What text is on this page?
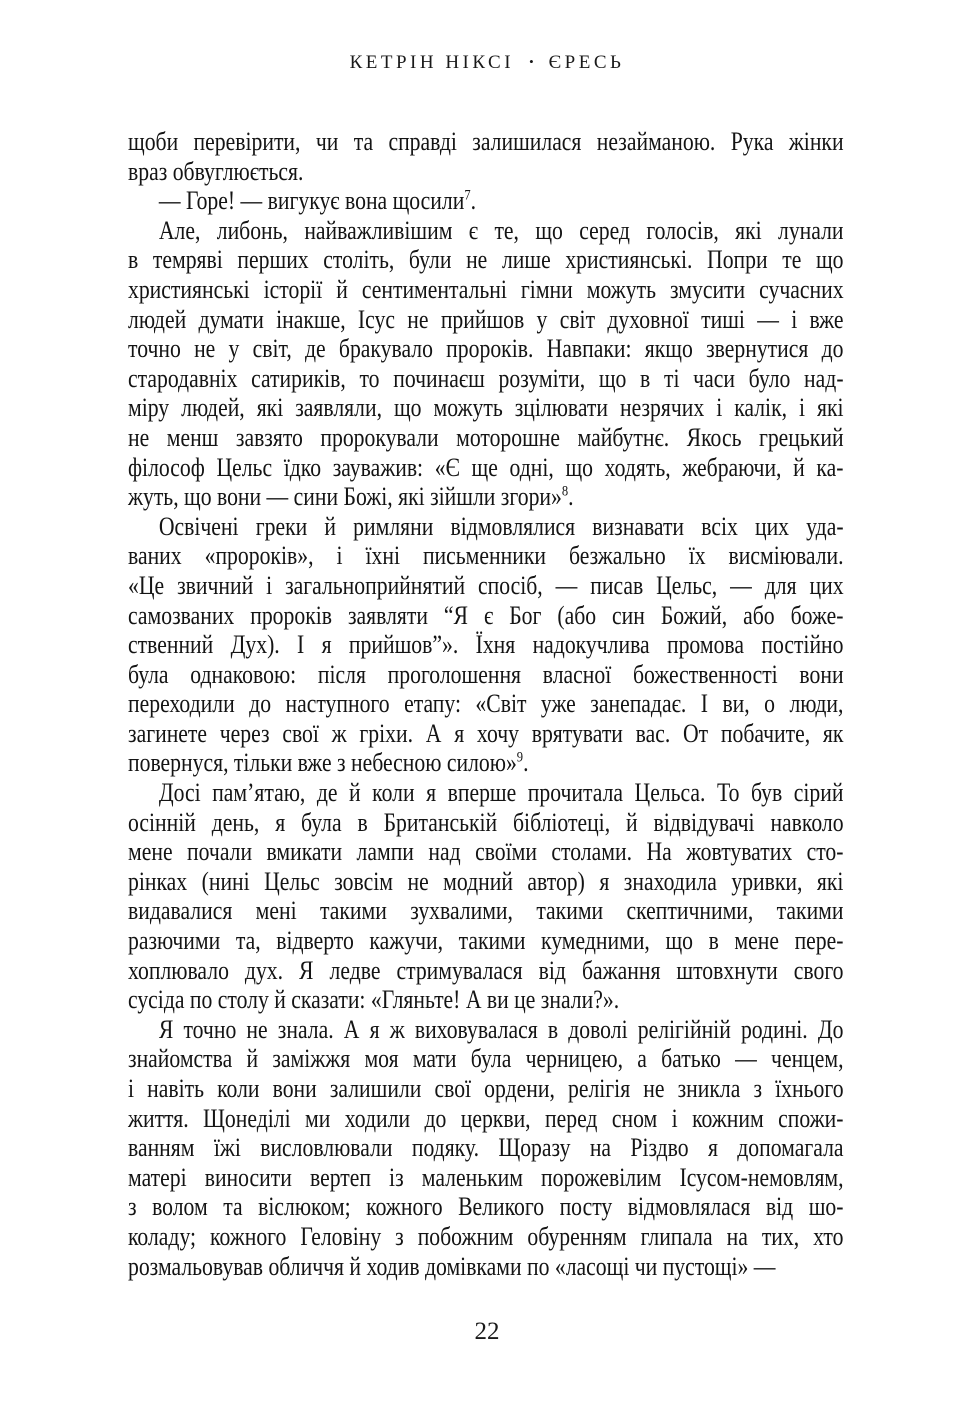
КЕТРІН НІКСІ • ЄРЕСЬ
щоби перевірити, чи та справді залишилася незайманою. Рука жінки
враз обвуглюється.
— Горе! — вигукує вона щосили$^7$.
Але, либонь, найважливішим є те, що серед голосів, які лунали
в темряві перших століть, були не лише християнські. Попри те що
християнські історії й сентиментальні гімни можуть змусити сучасних
людей думати інакше, Ісус не прийшов у світ духовної тиші — і вже
точно не у світ, де бракувало пророків. Навпаки: якщо звернутися до
стародавніх сатириків, то починаєш розуміти, що в ті часи було над-
міру людей, які заявляли, що можуть зцілювати незрячих і калік, і які
не менш завзято пророкували моторошне майбутнє. Якось грецький
філософ Цельс їдко зауважив: «Є ще одні, що ходять, жебраючи, й ка-
жуть, що вони — сини Божі, які зійшли згори»$^8$.
Освічені греки й римляни відмовлялися визнавати всіх цих уда-
ваних «пророків», і їхні письменники безжально їх висміювали.
«Це звичний і загальноприйнятий спосіб, — писав Цельс, — для цих
самозваних пророків заявляти “Я є Бог (або син Божий, або боже-
ственний Дух). І я прийшов”». Їхня надокучлива промова постійно
була однаковою: після проголошення власної божественності вони
переходили до наступного етапу: «Світ уже занепадає. І ви, о люди,
загинете через свої ж гріхи. А я хочу врятувати вас. От побачите, як
повернуся, тільки вже з небесною силою»$^9$.
Досі пам’ятаю, де й коли я вперше прочитала Цельса. То був сірий
осінній день, я була в Британській бібліотеці, й відвідувачі навколо
мене почали вмикати лампи над своїми столами. На жовтуватих сто-
рінках (нині Цельс зовсім не модний автор) я знаходила уривки, які
видавалися мені такими зухвалими, такими скептичними, такими
разючими та, відверто кажучи, такими кумедними, що в мене пере-
хоплювало дух. Я ледве стримувалася від бажання штовхнути свого
сусіда по столу й сказати: «Гляньте! А ви це знали?».
Я точно не знала. А я ж виховувалася в доволі релігійній родині. До
знайомства й заміжжя моя мати була черницею, а батько — ченцем,
і навіть коли вони залишили свої ордени, релігія не зникла з їхнього
життя. Щонеділі ми ходили до церкви, перед сном і кожним спожи-
ванням їжі висловлювали подяку. Щоразу на Різдво я допомагала
матері виносити вертеп із маленьким порожевілим Ісусом-немовлям,
з волом та віслюком; кожного Великого посту відмовлялася від шо-
коладу; кожного Геловіну з побожним обуренням глипала на тих, хто
розмальовував обличчя й ходив домівками по «ласощі чи пустощі» —
22
